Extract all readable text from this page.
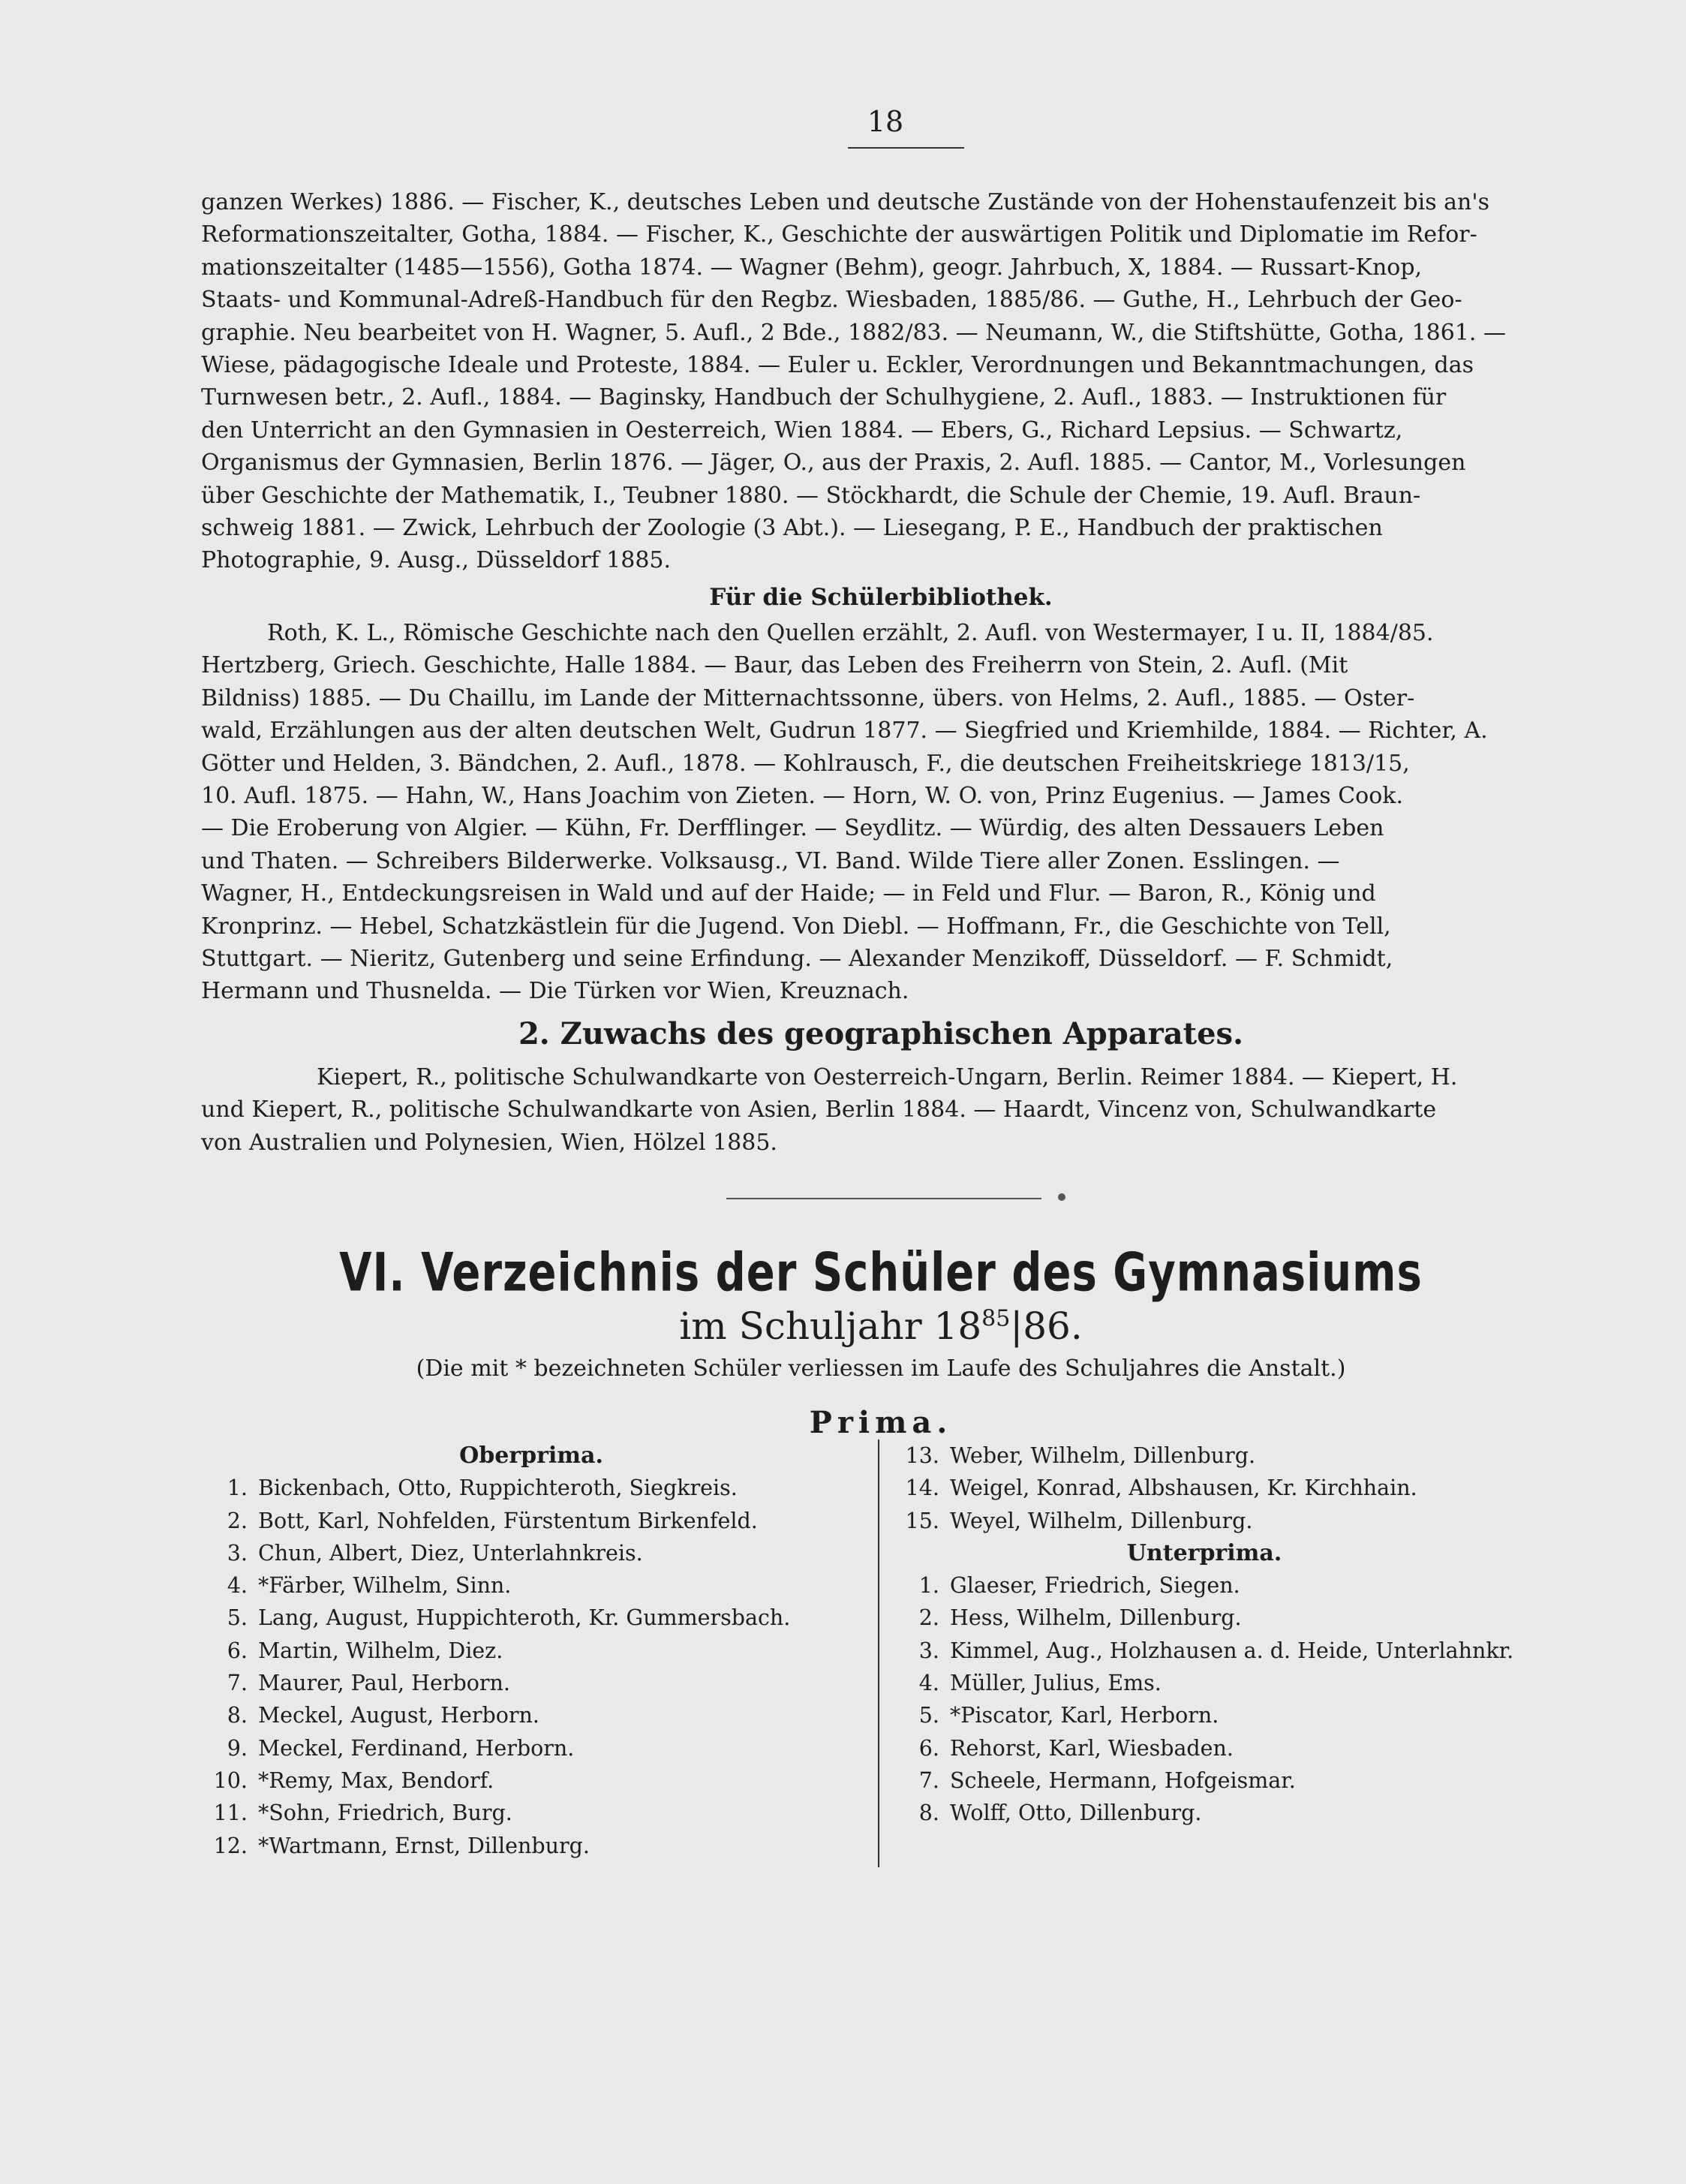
18

ganzen Werkes) 1886. — Fischer, K., deutsches Leben und deutsche Zustände von der Hohenstaufenzeit bis an's

Reformationszeitalter, Gotha, 1884. — Fischer, K., Geschichte der auswärtigen Politik und Diplomatie im Refor-

mationszeitalter (1485—1556), Gotha 1874. — Wagner (Behm), geogr. Jahrbuch, X, 1884. — Russart-Knop,

Staats- und Kommunal-Adreß-Handbuch für den Regbz. Wiesbaden, 1885/86. — Guthe, H., Lehrbuch der Geo-

graphie. Neu bearbeitet von H. Wagner, 5. Aufl., 2 Bde., 1882/83. — Neumann, W., die Stiftshütte, Gotha, 1861. —

Wiese, pädagogische Ideale und Proteste, 1884. — Euler u. Eckler, Verordnungen und Bekanntmachungen, das

Turnwesen betr., 2. Aufl., 1884. — Baginsky, Handbuch der Schulhygiene, 2. Aufl., 1883. — Instruktionen für

den Unterricht an den Gymnasien in Oesterreich, Wien 1884. — Ebers, G., Richard Lepsius. — Schwartz,

Organismus der Gymnasien, Berlin 1876. — Jäger, O., aus der Praxis, 2. Aufl. 1885. — Cantor, M., Vorlesungen

über Geschichte der Mathematik, I., Teubner 1880. — Stöckhardt, die Schule der Chemie, 19. Aufl. Braun-

schweig 1881. — Zwick, Lehrbuch der Zoologie (3 Abt.). — Liesegang, P. E., Handbuch der praktischen

Photographie, 9. Ausg., Düsseldorf 1885.

Für die Schülerbibliothek.

Roth, K. L., Römische Geschichte nach den Quellen erzählt, 2. Aufl. von Westermayer, I u. II, 1884/85.

Hertzberg, Griech. Geschichte, Halle 1884. — Baur, das Leben des Freiherrn von Stein, 2. Aufl. (Mit

Bildniss) 1885. — Du Chaillu, im Lande der Mitternachtssonne, übers. von Helms, 2. Aufl., 1885. — Oster-

wald, Erzählungen aus der alten deutschen Welt, Gudrun 1877. — Siegfried und Kriemhilde, 1884. — Richter, A.

Götter und Helden, 3. Bändchen, 2. Aufl., 1878. — Kohlrausch, F., die deutschen Freiheitskriege 1813/15,

10. Aufl. 1875. — Hahn, W., Hans Joachim von Zieten. — Horn, W. O. von, Prinz Eugenius. — James Cook.

— Die Eroberung von Algier. — Kühn, Fr. Derfflinger. — Seydlitz. — Würdig, des alten Dessauers Leben

und Thaten. — Schreibers Bilderwerke. Volksausg., VI. Band. Wilde Tiere aller Zonen. Esslingen. —

Wagner, H., Entdeckungsreisen in Wald und auf der Haide; — in Feld und Flur. — Baron, R., König und

Kronprinz. — Hebel, Schatzkästlein für die Jugend. Von Diebl. — Hoffmann, Fr., die Geschichte von Tell,

Stuttgart. — Nieritz, Gutenberg und seine Erfindung. — Alexander Menzikoff, Düsseldorf. — F. Schmidt,

Hermann und Thusnelda. — Die Türken vor Wien, Kreuznach.

2. Zuwachs des geographischen Apparates.

Kiepert, R., politische Schulwandkarte von Oesterreich-Ungarn, Berlin. Reimer 1884. — Kiepert, H.

und Kiepert, R., politische Schulwandkarte von Asien, Berlin 1884. — Haardt, Vincenz von, Schulwandkarte

von Australien und Polynesien, Wien, Hölzel 1885.

VI. Verzeichnis der Schüler des Gymnasiums
im Schuljahr $18^{85}|86$.
(Die mit * bezeichneten Schüler verliessen im Laufe des Schuljahres die Anstalt.)
Prima.
Oberprima.
1. Bickenbach, Otto, Ruppichteroth, Siegkreis.
2. Bott, Karl, Nohfelden, Fürstentum Birkenfeld.
3. Chun, Albert, Diez, Unterlahnkreis.
4. *Färber, Wilhelm, Sinn.
5. Lang, August, Huppichteroth, Kr. Gummersbach.
6. Martin, Wilhelm, Diez.
7. Maurer, Paul, Herborn.
8. Meckel, August, Herborn.
9. Meckel, Ferdinand, Herborn.
10. *Remy, Max, Bendorf.
11. *Sohn, Friedrich, Burg.
12. *Wartmann, Ernst, Dillenburg.
13. Weber, Wilhelm, Dillenburg.
14. Weigel, Konrad, Albshausen, Kr. Kirchhain.
15. Weyel, Wilhelm, Dillenburg.
Unterprima.
1. Glaeser, Friedrich, Siegen.
2. Hess, Wilhelm, Dillenburg.
3. Kimmel, Aug., Holzhausen a. d. Heide, Unterlahnkr.
4. Müller, Julius, Ems.
5. *Piscator, Karl, Herborn.
6. Rehorst, Karl, Wiesbaden.
7. Scheele, Hermann, Hofgeismar.
8. Wolff, Otto, Dillenburg.
